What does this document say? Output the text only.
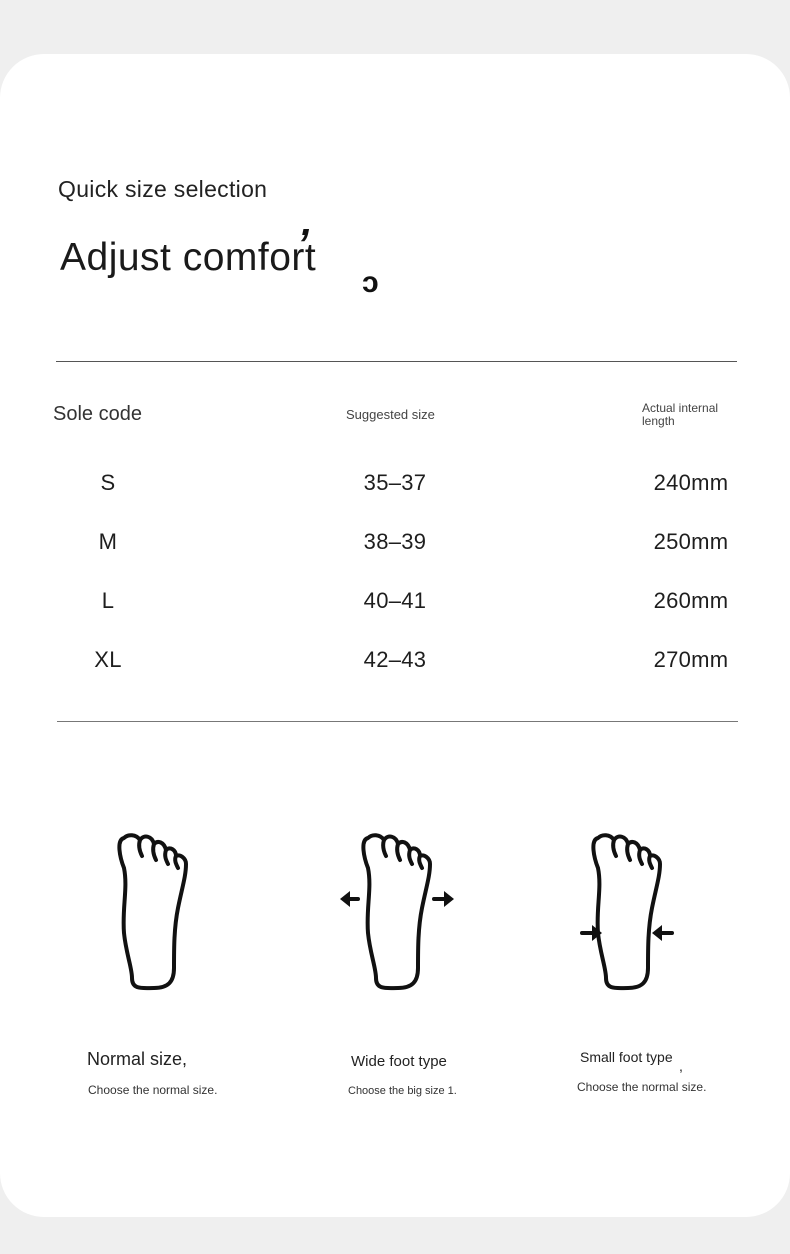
Quick size selection
,
Adjust comfort
ͻ
Sole code	Suggested size	Actual internal length
S	35–37	240mm
M	38–39	250mm
L	40–41	260mm
XL	42–43	270mm
Normal size,
Choose the normal size.
Wide foot type
Choose the big size 1.
Small foot type
,
Choose the normal size.
